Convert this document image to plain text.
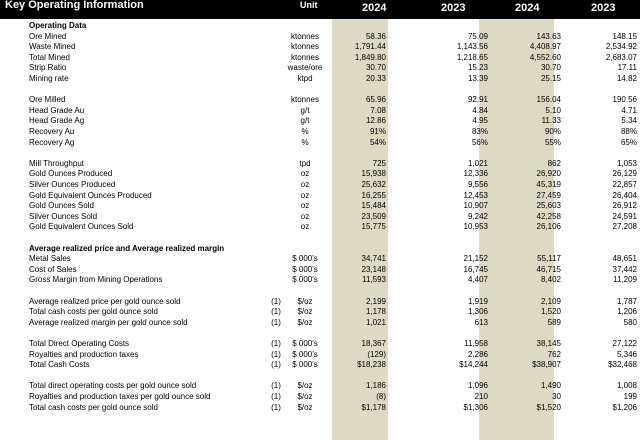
Key Operating Information	Unit	2024	2023	2024	2023
Operating Data
Ore Mined	ktonnes	58.36	75.09	143.63	148.15
Waste Mined	ktonnes	1,791.44	1,143.56	4,408.97	2,534.92
Total Mined	ktonnes	1,849.80	1,218.65	4,552.60	2,683.07
Strip Ratio	waste/ore	30.70	15.23	30.70	17.11
Mining rate	ktpd	20.33	13.39	25.15	14.82
Ore Milled	ktonnes	65.96	92.91	156.04	190.56
Head Grade Au	g/t	7.08	4.84	5.10	4.71
Head Grade Ag	g/t	12.86	4.95	11.33	5.34
Recovery Au	%	91%	83%	90%	88%
Recovery Ag	%	54%	56%	55%	65%
Mill Throughput	tpd	725	1,021	862	1,053
Gold Ounces Produced	oz	15,938	12,336	26,920	26,129
Silver Ounces Produced	oz	25,632	9,556	45,319	22,857
Gold Equivalent Ounces Produced	oz	16,255	12,453	27,459	26,404
Gold Ounces Sold	oz	15,484	10,907	25,603	26,912
Silver Ounces Sold	oz	23,509	9,242	42,258	24,591
Gold Equivalent Ounces Sold	oz	15,775	10,953	26,106	27,208
Average realized price and Average realized margin
Metal Sales	$ 000's	34,741	21,152	55,117	48,651
Cost of Sales	$ 000's	23,148	16,745	46,715	37,442
Gross Margin from Mining Operations	$ 000's	11,593	4,407	8,402	11,209
Average realized price per gold ounce sold	(1)	$/oz	2,199	1,919	2,109	1,787
Total cash costs per gold ounce sold	(1)	$/oz	1,178	1,306	1,520	1,206
Average realized margin per gold ounce sold	(1)	$/oz	1,021	613	589	580
Total Direct Operating Costs	(1)	$ 000's	18,367	11,958	38,145	27,122
Royalties and production taxes	(1)	$ 000's	(129)	2,286	762	5,346
Total Cash Costs	(1)	$ 000's	$18,238	$14,244	$38,907	$32,468
Total direct operating costs per gold ounce sold	(1)	$/oz	1,186	1,096	1,490	1,008
Royalties and production taxes per gold ounce sold	(1)	$/oz	(8)	210	30	199
Total cash costs per gold ounce sold	(1)	$/oz	$1,178	$1,306	$1,520	$1,206
